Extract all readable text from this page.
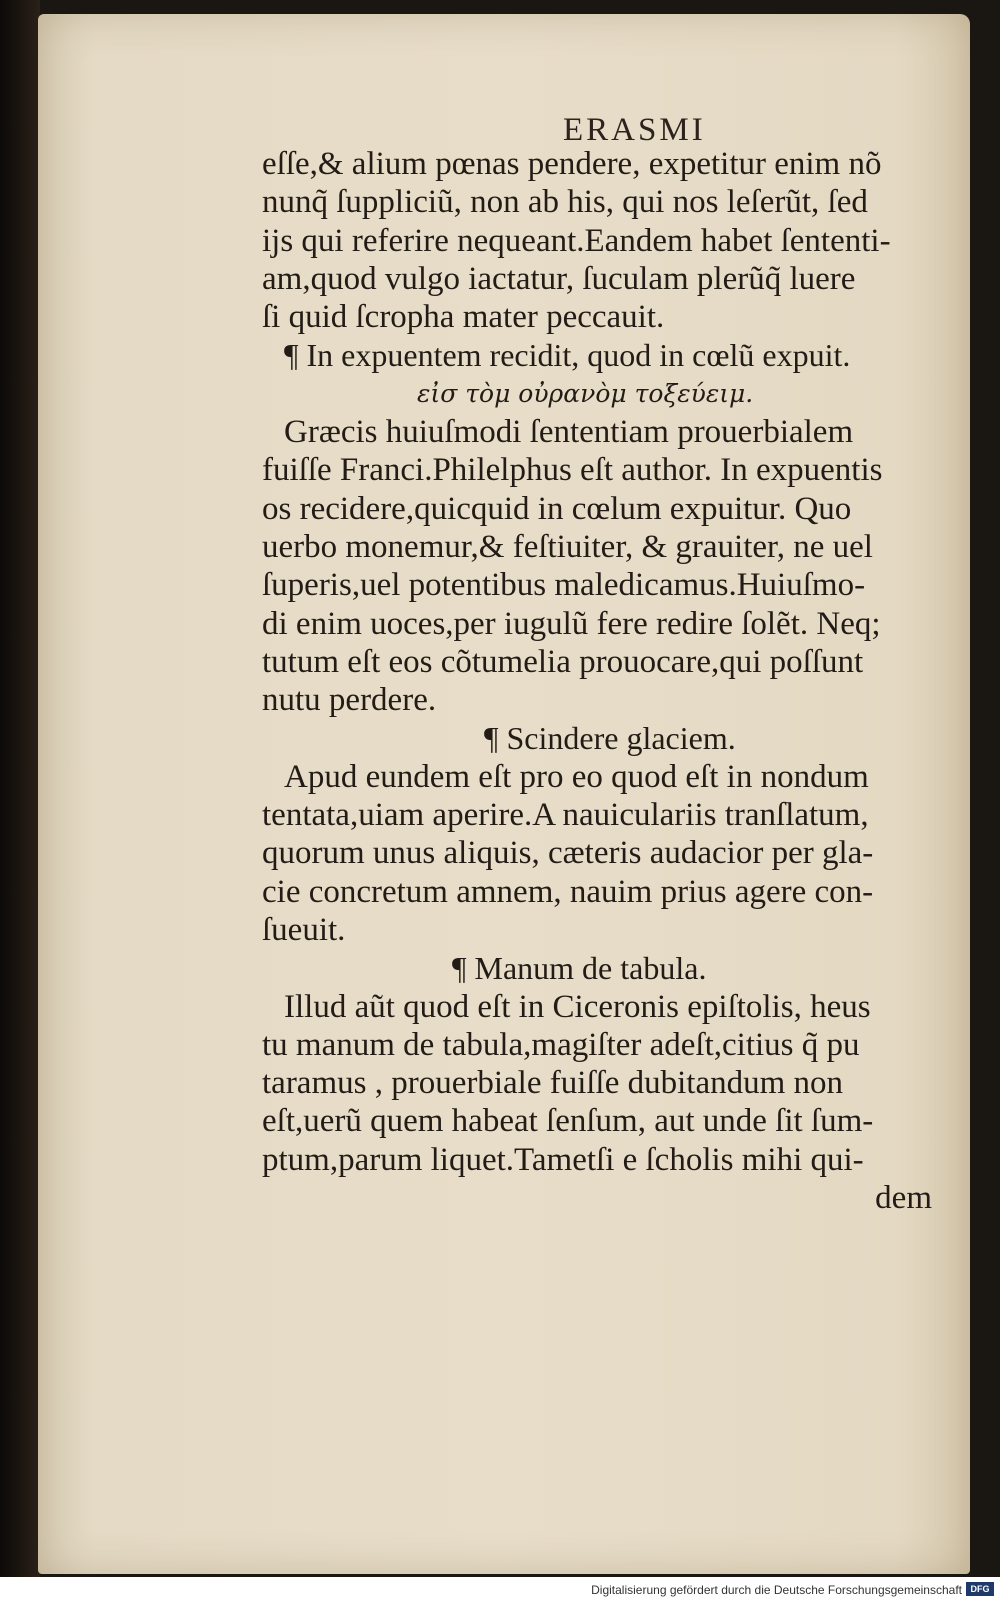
ERASMI
eſſe,& alium pœnas pendere, expetitur enim nõ
nunq̃ ſuppliciũ, non ab his, qui nos leſerũt, ſed
ijs qui referire nequeant.Eandem habet ſententi-
am,quod vulgo iactatur, ſuculam plerũq̃ luere
ſi quid ſcropha mater peccauit.
¶ In expuentem recidit, quod in cœlũ expuit.
εἰσ τὸμ οὐρανὸμ τοξεύειμ.
Græcis huiuſmodi ſententiam prouerbialem
fuiſſe Franci.Philelphus eſt author. In expuentis
os recidere,quicquid in cœlum expuitur. Quo
uerbo monemur,& feſtiuiter, & grauiter, ne uel
ſuperis,uel potentibus maledicamus.Huiuſmo-
di enim uoces,per iugulũ fere redire ſolẽt. Neq;
tutum eſt eos cõtumelia prouocare,qui poſſunt
nutu perdere.
¶ Scindere glaciem.
Apud eundem eſt pro eo quod eſt in nondum
tentata,uiam aperire.A nauiculariis tranſlatum,
quorum unus aliquis, cæteris audacior per gla-
cie concretum amnem, nauim prius agere con-
ſueuit.
¶ Manum de tabula.
Illud aũt quod eſt in Ciceronis epiſtolis, heus
tu manum de tabula,magiſter adeſt,citius q̃ pu
taramus , prouerbiale fuiſſe dubitandum non
eſt,uerũ quem habeat ſenſum, aut unde ſit ſum-
ptum,parum liquet.Tametſi e ſcholis mihi qui-
dem
Digitalisierung gefördert durch die Deutsche Forschungsgemeinschaft DFG
